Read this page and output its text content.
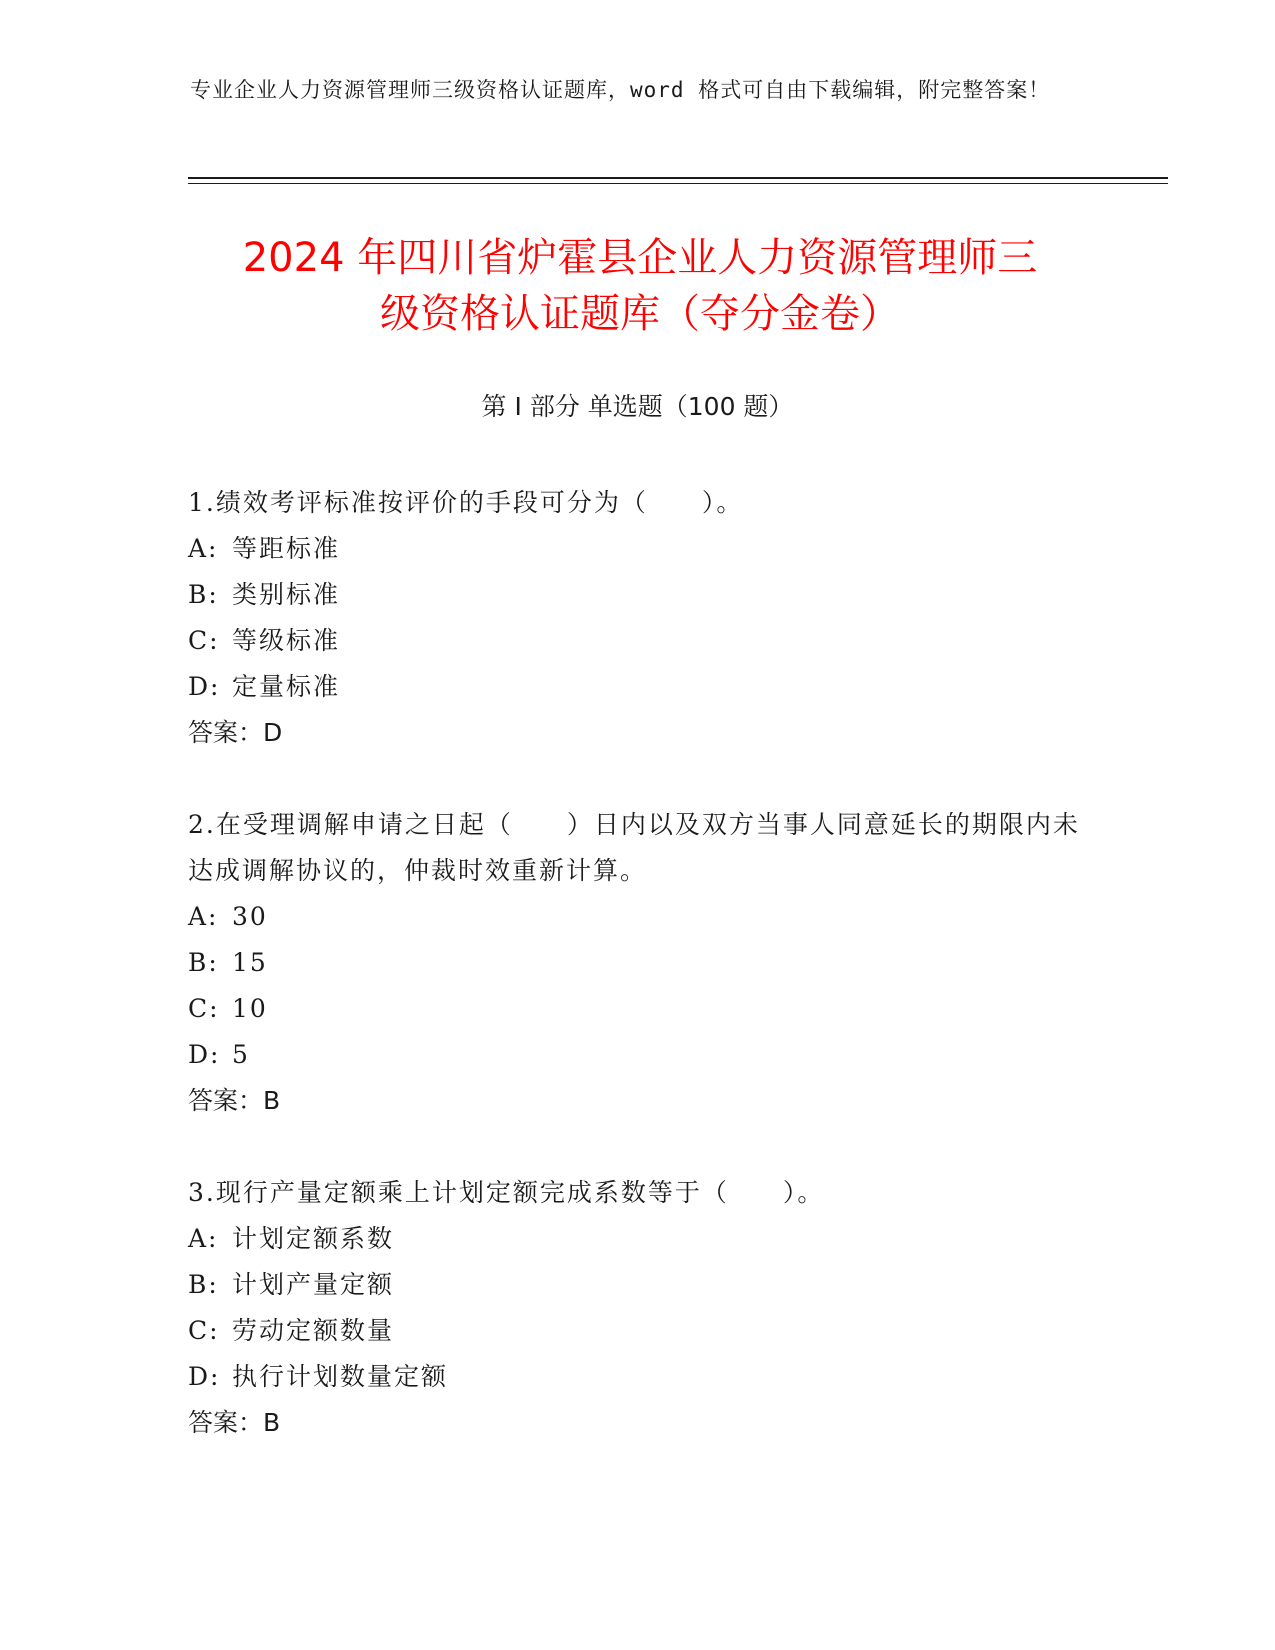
专业企业人力资源管理师三级资格认证题库，word 格式可自由下载编辑，附完整答案！
2024 年四川省炉霍县企业人力资源管理师三
级资格认证题库（夺分金卷）
第 I 部分 单选题（100 题）
1.绩效考评标准按评价的手段可分为（　　）。
A: 等距标准
B: 类别标准
C: 等级标准
D: 定量标准
答案：D
2.在受理调解申请之日起（　　）日内以及双方当事人同意延长的期限内未达成调解协议的，仲裁时效重新计算。
A: 30
B: 15
C: 10
D: 5
答案：B
3.现行产量定额乘上计划定额完成系数等于（　　）。
A: 计划定额系数
B: 计划产量定额
C: 劳动定额数量
D: 执行计划数量定额
答案：B
